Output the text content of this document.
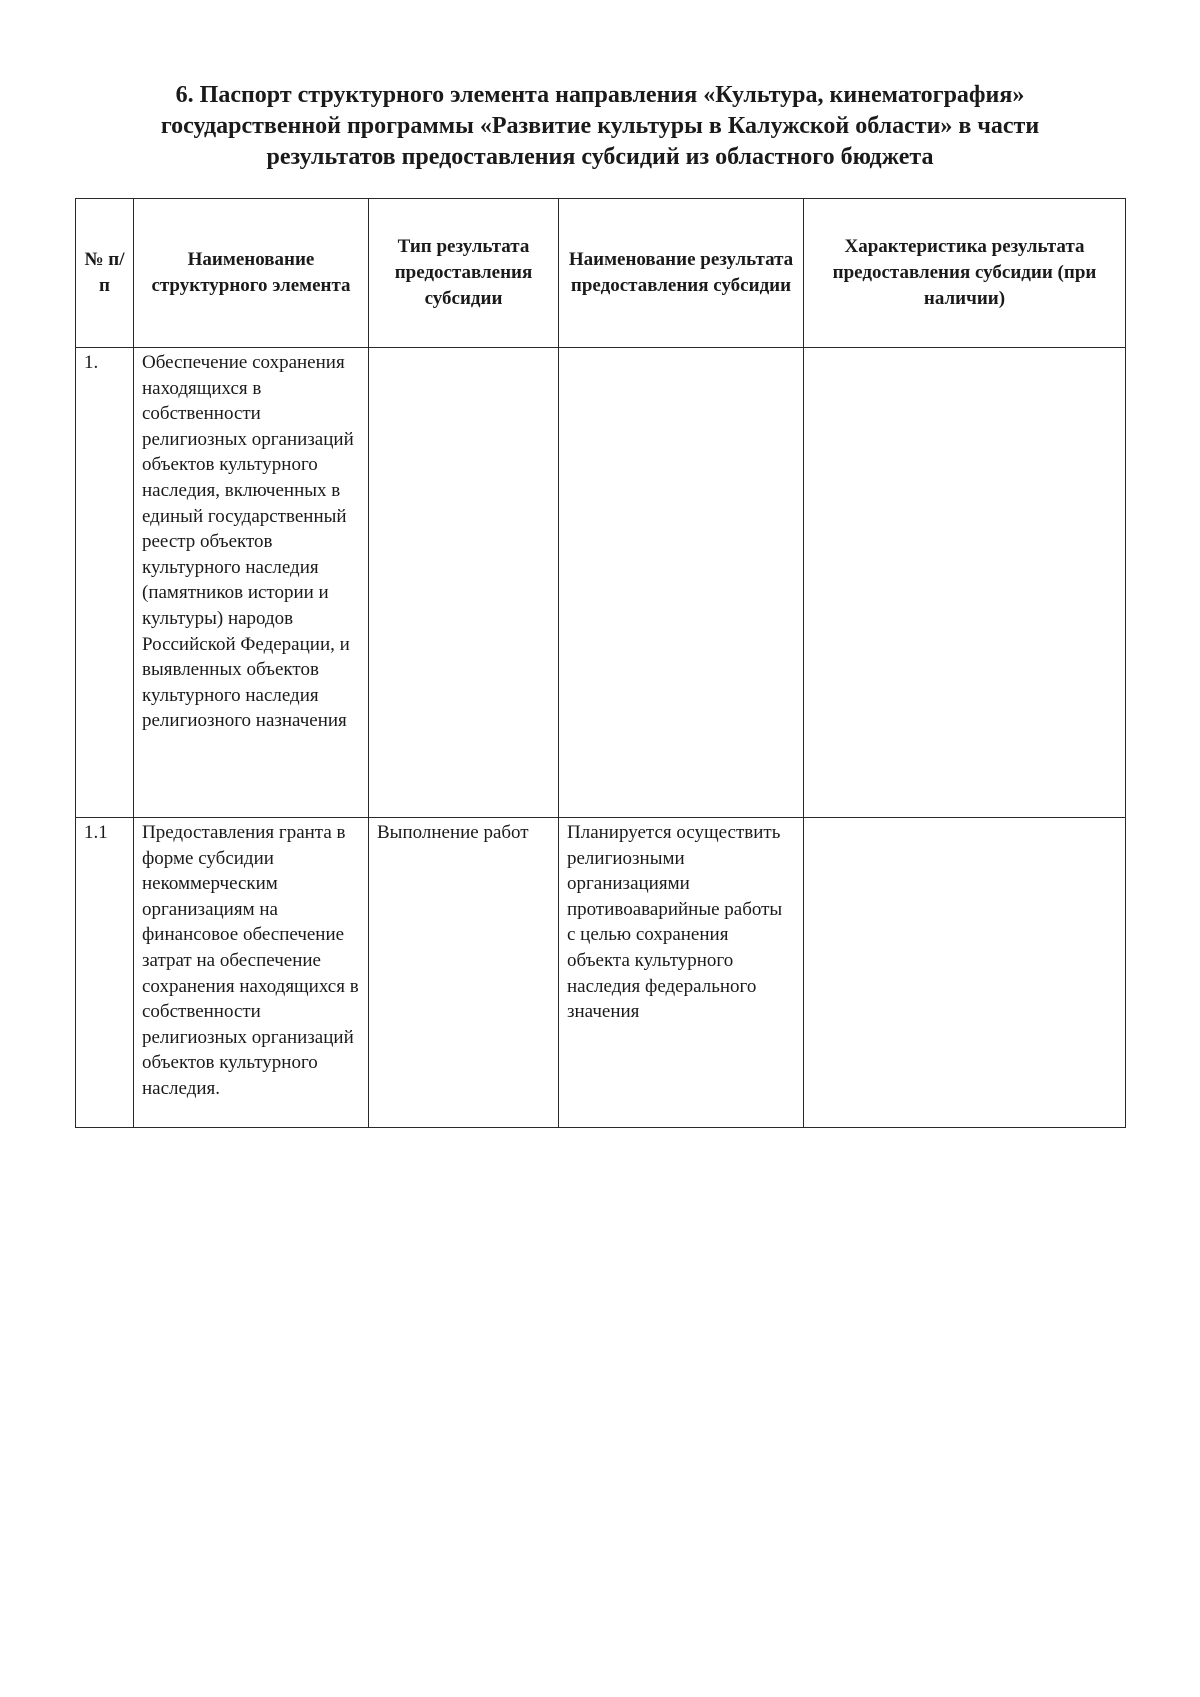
6. Паспорт структурного элемента направления «Культура, кинематография»
государственной программы «Развитие культуры в Калужской области» в части
результатов предоставления субсидий из областного бюджета
№ п/п	Наименование структурного элемента	Тип результата предоставления субсидии	Наименование результата предоставления субсидии	Характеристика результата предоставления субсидии (при наличии)
1.	Обеспечение сохранения находящихся в собственности религиозных организаций объектов культурного наследия, включенных в единый государственный реестр объектов культурного наследия (памятников истории и культуры) народов Российской Федерации, и выявленных объектов культурного наследия религиозного назначения			
1.1	Предоставления гранта в форме субсидии некоммерческим организациям на финансовое обеспечение затрат на обеспечение сохранения находящихся в собственности религиозных организаций объектов культурного наследия.	Выполнение работ	Планируется осуществить религиозными организациями противоаварийные работы с целью сохранения объекта культурного наследия федерального значения	
